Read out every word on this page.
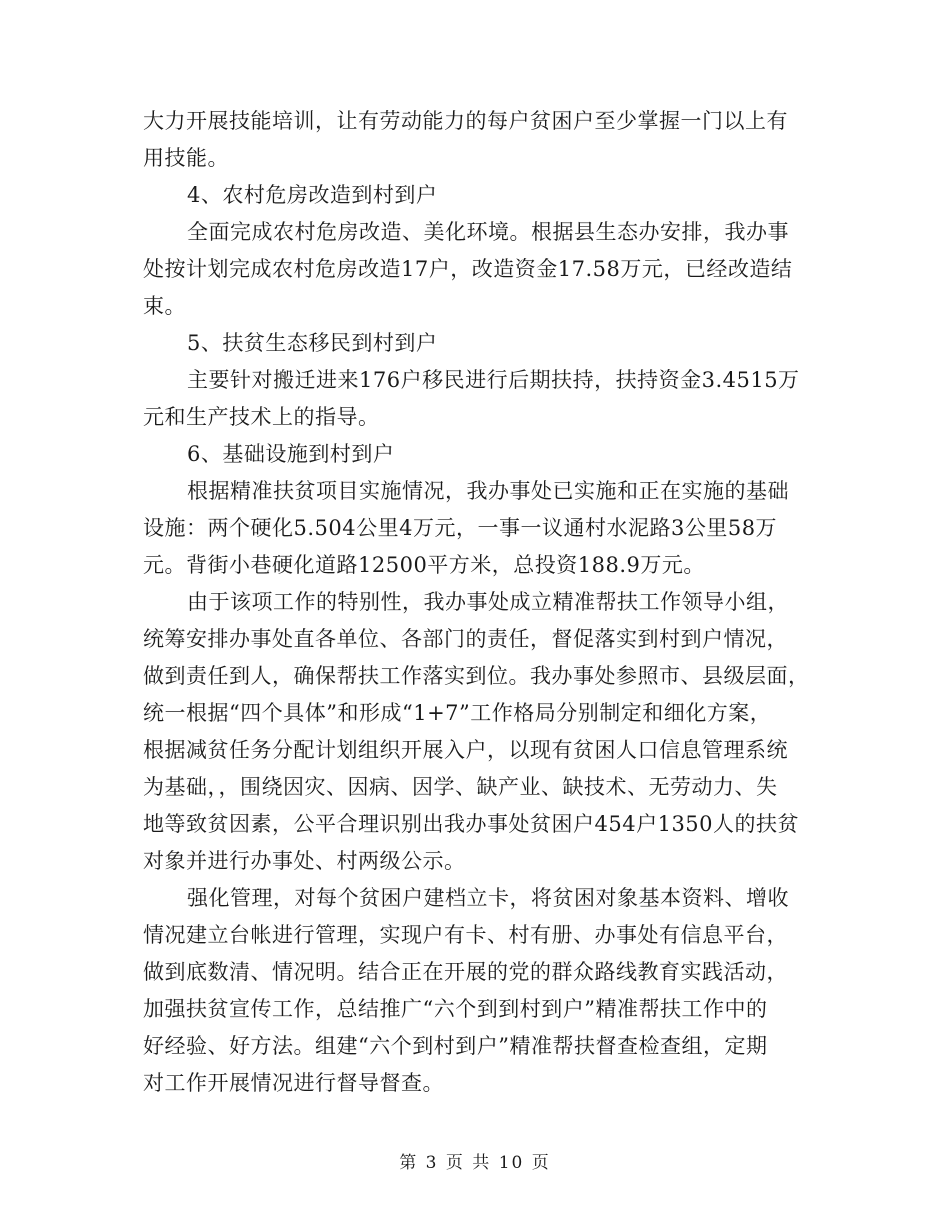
大力开展技能培训，让有劳动能力的每户贫困户至少掌握一门以上有
用技能。
4、农村危房改造到村到户
全面完成农村危房改造、美化环境。根据县生态办安排，我办事
处按计划完成农村危房改造17户，改造资金17.58万元，已经改造结
束。
5、扶贫生态移民到村到户
主要针对搬迁进来176户移民进行后期扶持，扶持资金3.4515万
元和生产技术上的指导。
6、基础设施到村到户
根据精准扶贫项目实施情况，我办事处已实施和正在实施的基础
设施：两个硬化5.504公里4万元，一事一议通村水泥路3公里58万
元。背街小巷硬化道路12500平方米，总投资188.9万元。
由于该项工作的特别性，我办事处成立精准帮扶工作领导小组，
统筹安排办事处直各单位、各部门的责任，督促落实到村到户情况，
做到责任到人，确保帮扶工作落实到位。我办事处参照市、县级层面，
统一根据“四个具体”和形成“1+7”工作格局分别制定和细化方案，
根据减贫任务分配计划组织开展入户，以现有贫困人口信息管理系统
为基础，，围绕因灾、因病、因学、缺产业、缺技术、无劳动力、失
地等致贫因素，公平合理识别出我办事处贫困户454户1350人的扶贫
对象并进行办事处、村两级公示。
强化管理，对每个贫困户建档立卡，将贫困对象基本资料、增收
情况建立台帐进行管理，实现户有卡、村有册、办事处有信息平台，
做到底数清、情况明。结合正在开展的党的群众路线教育实践活动，
加强扶贫宣传工作，总结推广“六个到到村到户”精准帮扶工作中的
好经验、好方法。组建“六个到村到户”精准帮扶督查检查组，定期
对工作开展情况进行督导督查。
第 3 页 共 10 页
